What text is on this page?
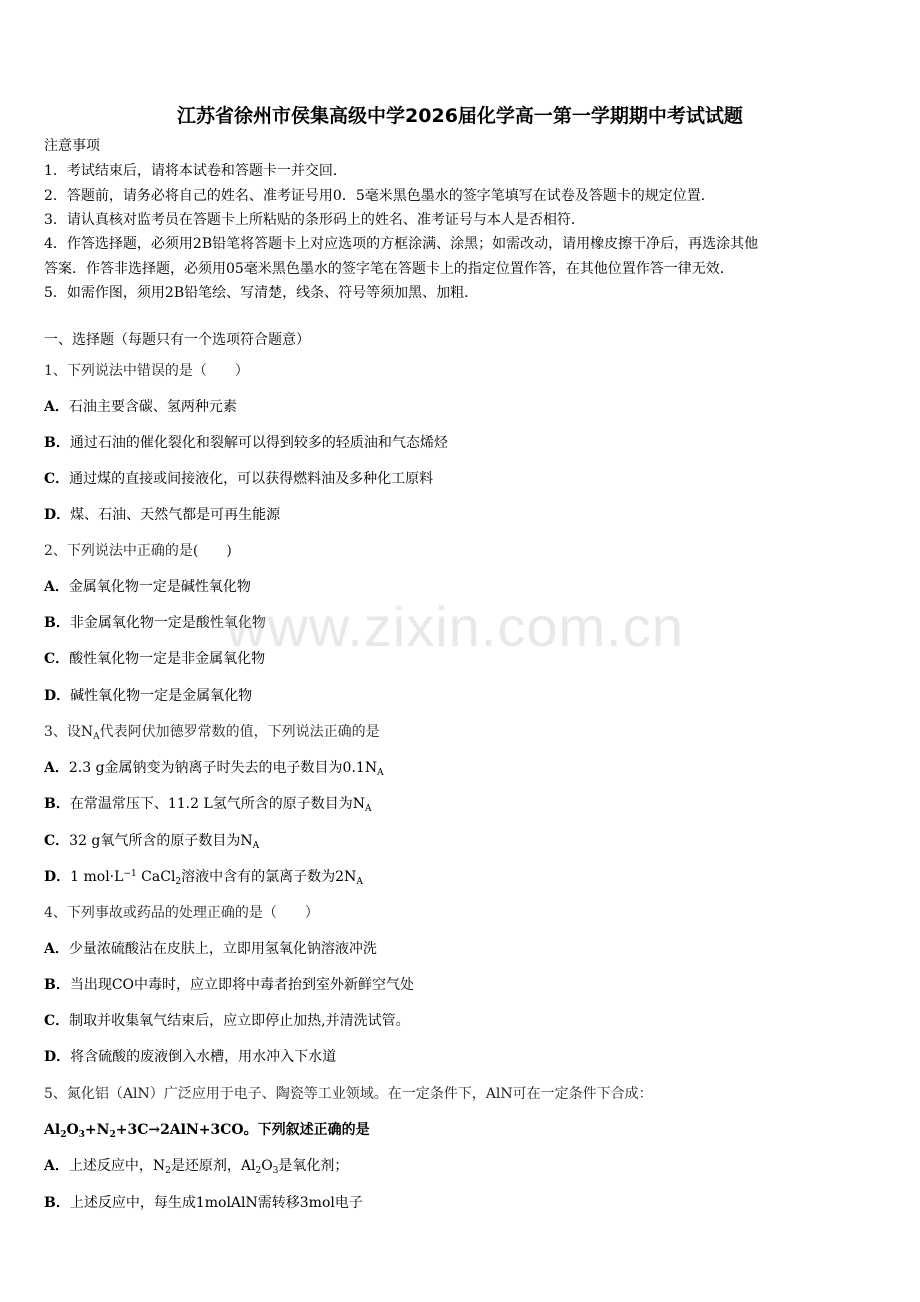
江苏省徐州市侯集高级中学2026届化学高一第一学期期中考试试题
注意事项
1．考试结束后，请将本试卷和答题卡一并交回．
2．答题前，请务必将自己的姓名、准考证号用0．5毫米黑色墨水的签字笔填写在试卷及答题卡的规定位置．
3．请认真核对监考员在答题卡上所粘贴的条形码上的姓名、准考证号与本人是否相符．
4．作答选择题，必须用2B铅笔将答题卡上对应选项的方框涂满、涂黑；如需改动，请用橡皮擦干净后，再选涂其他
答案．作答非选择题，必须用05毫米黑色墨水的签字笔在答题卡上的指定位置作答，在其他位置作答一律无效．
5．如需作图，须用2B铅笔绘、写清楚，线条、符号等须加黑、加粗．
一、选择题（每题只有一个选项符合题意）
1、下列说法中错误的是（　　）
A．石油主要含碳、氢两种元素
B．通过石油的催化裂化和裂解可以得到较多的轻质油和气态烯烃
C．通过煤的直接或间接液化，可以获得燃料油及多种化工原料
D．煤、石油、天然气都是可再生能源
2、下列说法中正确的是(　　)
A．金属氧化物一定是碱性氧化物
B．非金属氧化物一定是酸性氧化物
C．酸性氧化物一定是非金属氧化物
D．碱性氧化物一定是金属氧化物
3、设$N_A$代表阿伏加德罗常数的值，下列说法正确的是
A．2.3 g金属钠变为钠离子时失去的电子数目为$0.1N_A$
B．在常温常压下、11.2 L氢气所含的原子数目为$N_A$
C．32 g氧气所含的原子数目为$N_A$
D．1 $mol\cdot L^{-1}$ CaCl$_2$溶液中含有的氯离子数为$2N_A$
4、下列事故或药品的处理正确的是（　　）
A．少量浓硫酸沾在皮肤上，立即用氢氧化钠溶液冲洗
B．当出现CO中毒时，应立即将中毒者抬到室外新鲜空气处
C．制取并收集氧气结束后，应立即停止加热,并清洗试管。
D．将含硫酸的废液倒入水槽，用水冲入下水道
5、氮化铝（AlN）广泛应用于电子、陶瓷等工业领域。在一定条件下，AlN可在一定条件下合成：
$Al_2O_3+N_2+3C\to 2AlN+3CO$。下列叙述正确的是
A．上述反应中，$N_2$是还原剂，$Al_2O_3$是氧化剂；
B．上述反应中，每生成1molAlN需转移3mol电子
www.zixin.com.cn
